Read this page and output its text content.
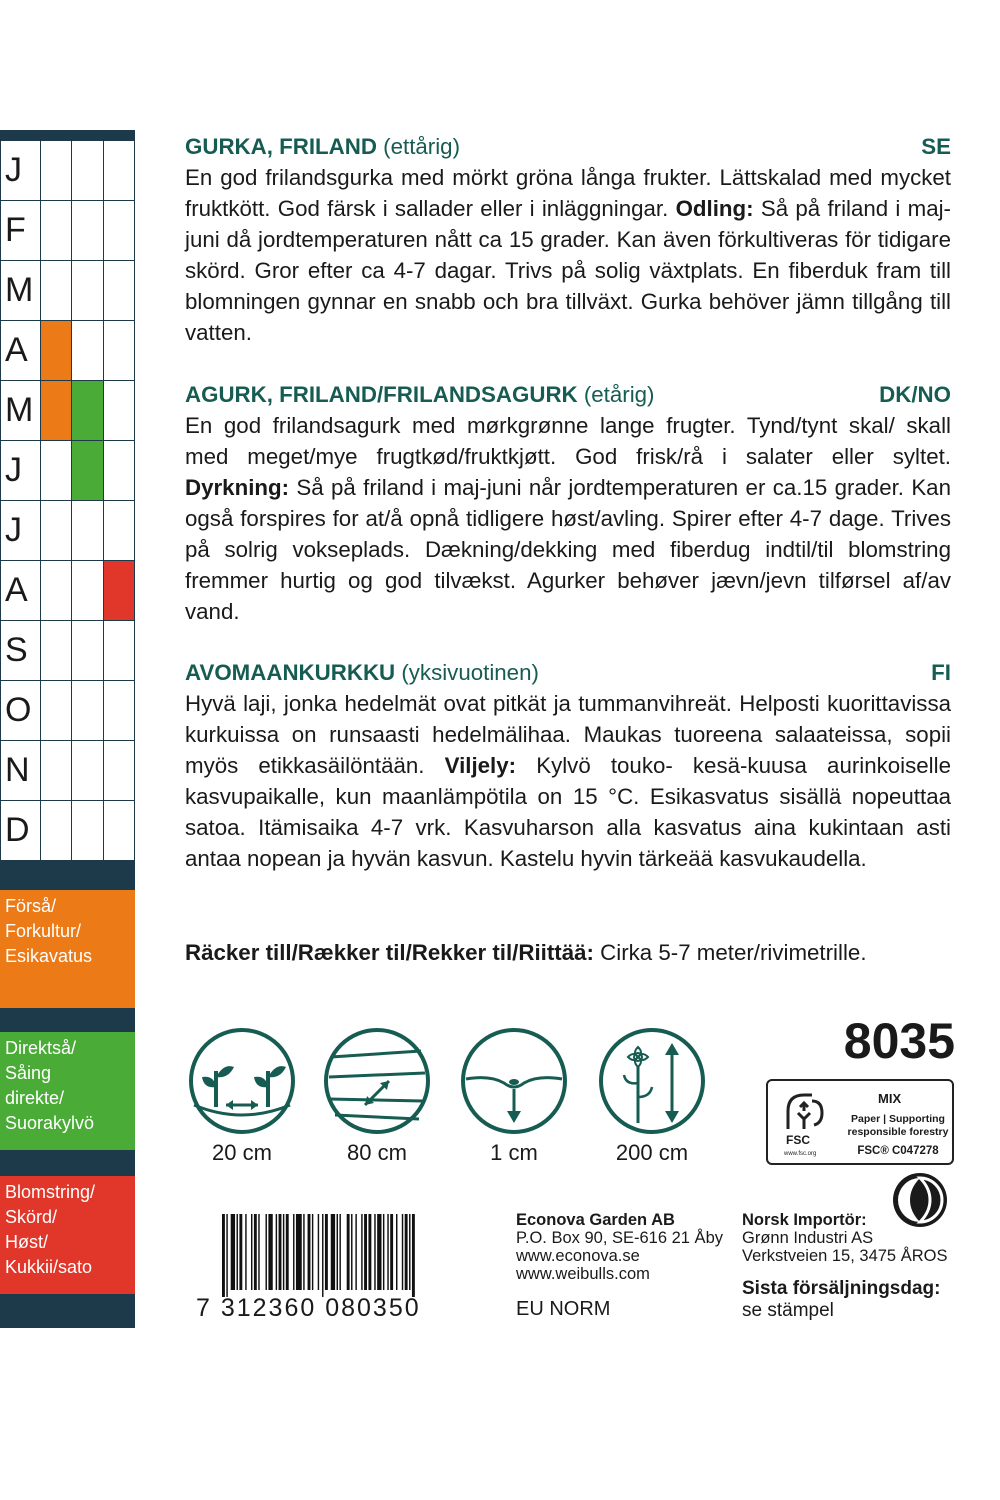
J			
F			
M			
A			
M			
J			
J			
A			
S			
O			
N			
D			
Förså/
Forkultur/
Esikavatus
Direktså/
Såing
direkte/
Suorakylvö
Blomstring/
Skörd/
Høst/
Kukkii/sato
GURKA, FRILAND (ettårig)	SE
En god frilandsgurka med mörkt gröna långa frukter. Lättskalad med mycket fruktkött. God färsk i sallader eller i inläggningar. Odling: Så på friland i maj-juni då jordtemperaturen nått ca 15 grader. Kan även förkultiveras för tidigare skörd. Gror efter ca 4-7 dagar. Trivs på solig växtplats. En fiberduk fram till blomningen gynnar en snabb och bra tillväxt. Gurka behöver jämn tillgång till vatten.
AGURK, FRILAND/FRILANDSAGURK (etårig)	DK/NO
En god frilandsagurk med mørkgrønne lange frugter. Tynd/tynt skal/ skall med meget/mye frugtkød/fruktkjøtt. God frisk/rå i salater eller syltet. Dyrkning: Så på friland i maj-juni når jordtemperaturen er ca.15 grader. Kan også forspires for at/å opnå tidligere høst/avling. Spirer efter 4-7 dage. Trives på solrig vokseplads. Dækning/dekking med fiberdug indtil/til blomstring fremmer hurtig og god tilvækst. Agurker behøver jævn/jevn tilførsel af/av vand.
AVOMAANKURKKU (yksivuotinen)	FI
Hyvä laji, jonka hedelmät ovat pitkät ja tummanvihreät. Helposti kuorittavissa kurkuissa on runsaasti hedelmälihaa. Maukas tuoreena salaateissa, sopii myös etikkasäilöntään. Viljely: Kylvö touko- kesä-kuusa aurinkoiselle kasvupaikalle, kun maanlämpötila on 15 °C. Esikasvatus sisällä nopeuttaa satoa. Itämisaika 4-7 vrk. Kasvuharson alla kasvatus aina kukintaan asti antaa nopean ja hyvän kasvun. Kastelu hyvin tärkeää kasvukaudella.
Räcker till/Rækker til/Rekker til/Riittää: Cirka 5-7 meter/rivimetrille.
20 cm	80 cm	1 cm	200 cm
8035
FSC
www.fsc.org
MIX
Paper | Supporting
responsible forestry
FSC® C047278
7 312360 080350
Econova Garden AB
P.O. Box 90, SE-616 21 Åby
www.econova.se
www.weibulls.com
EU NORM
Norsk Importör:
Grønn Industri AS
Verkstveien 15, 3475 ÅROS
Sista försäljningsdag:
se stämpel
